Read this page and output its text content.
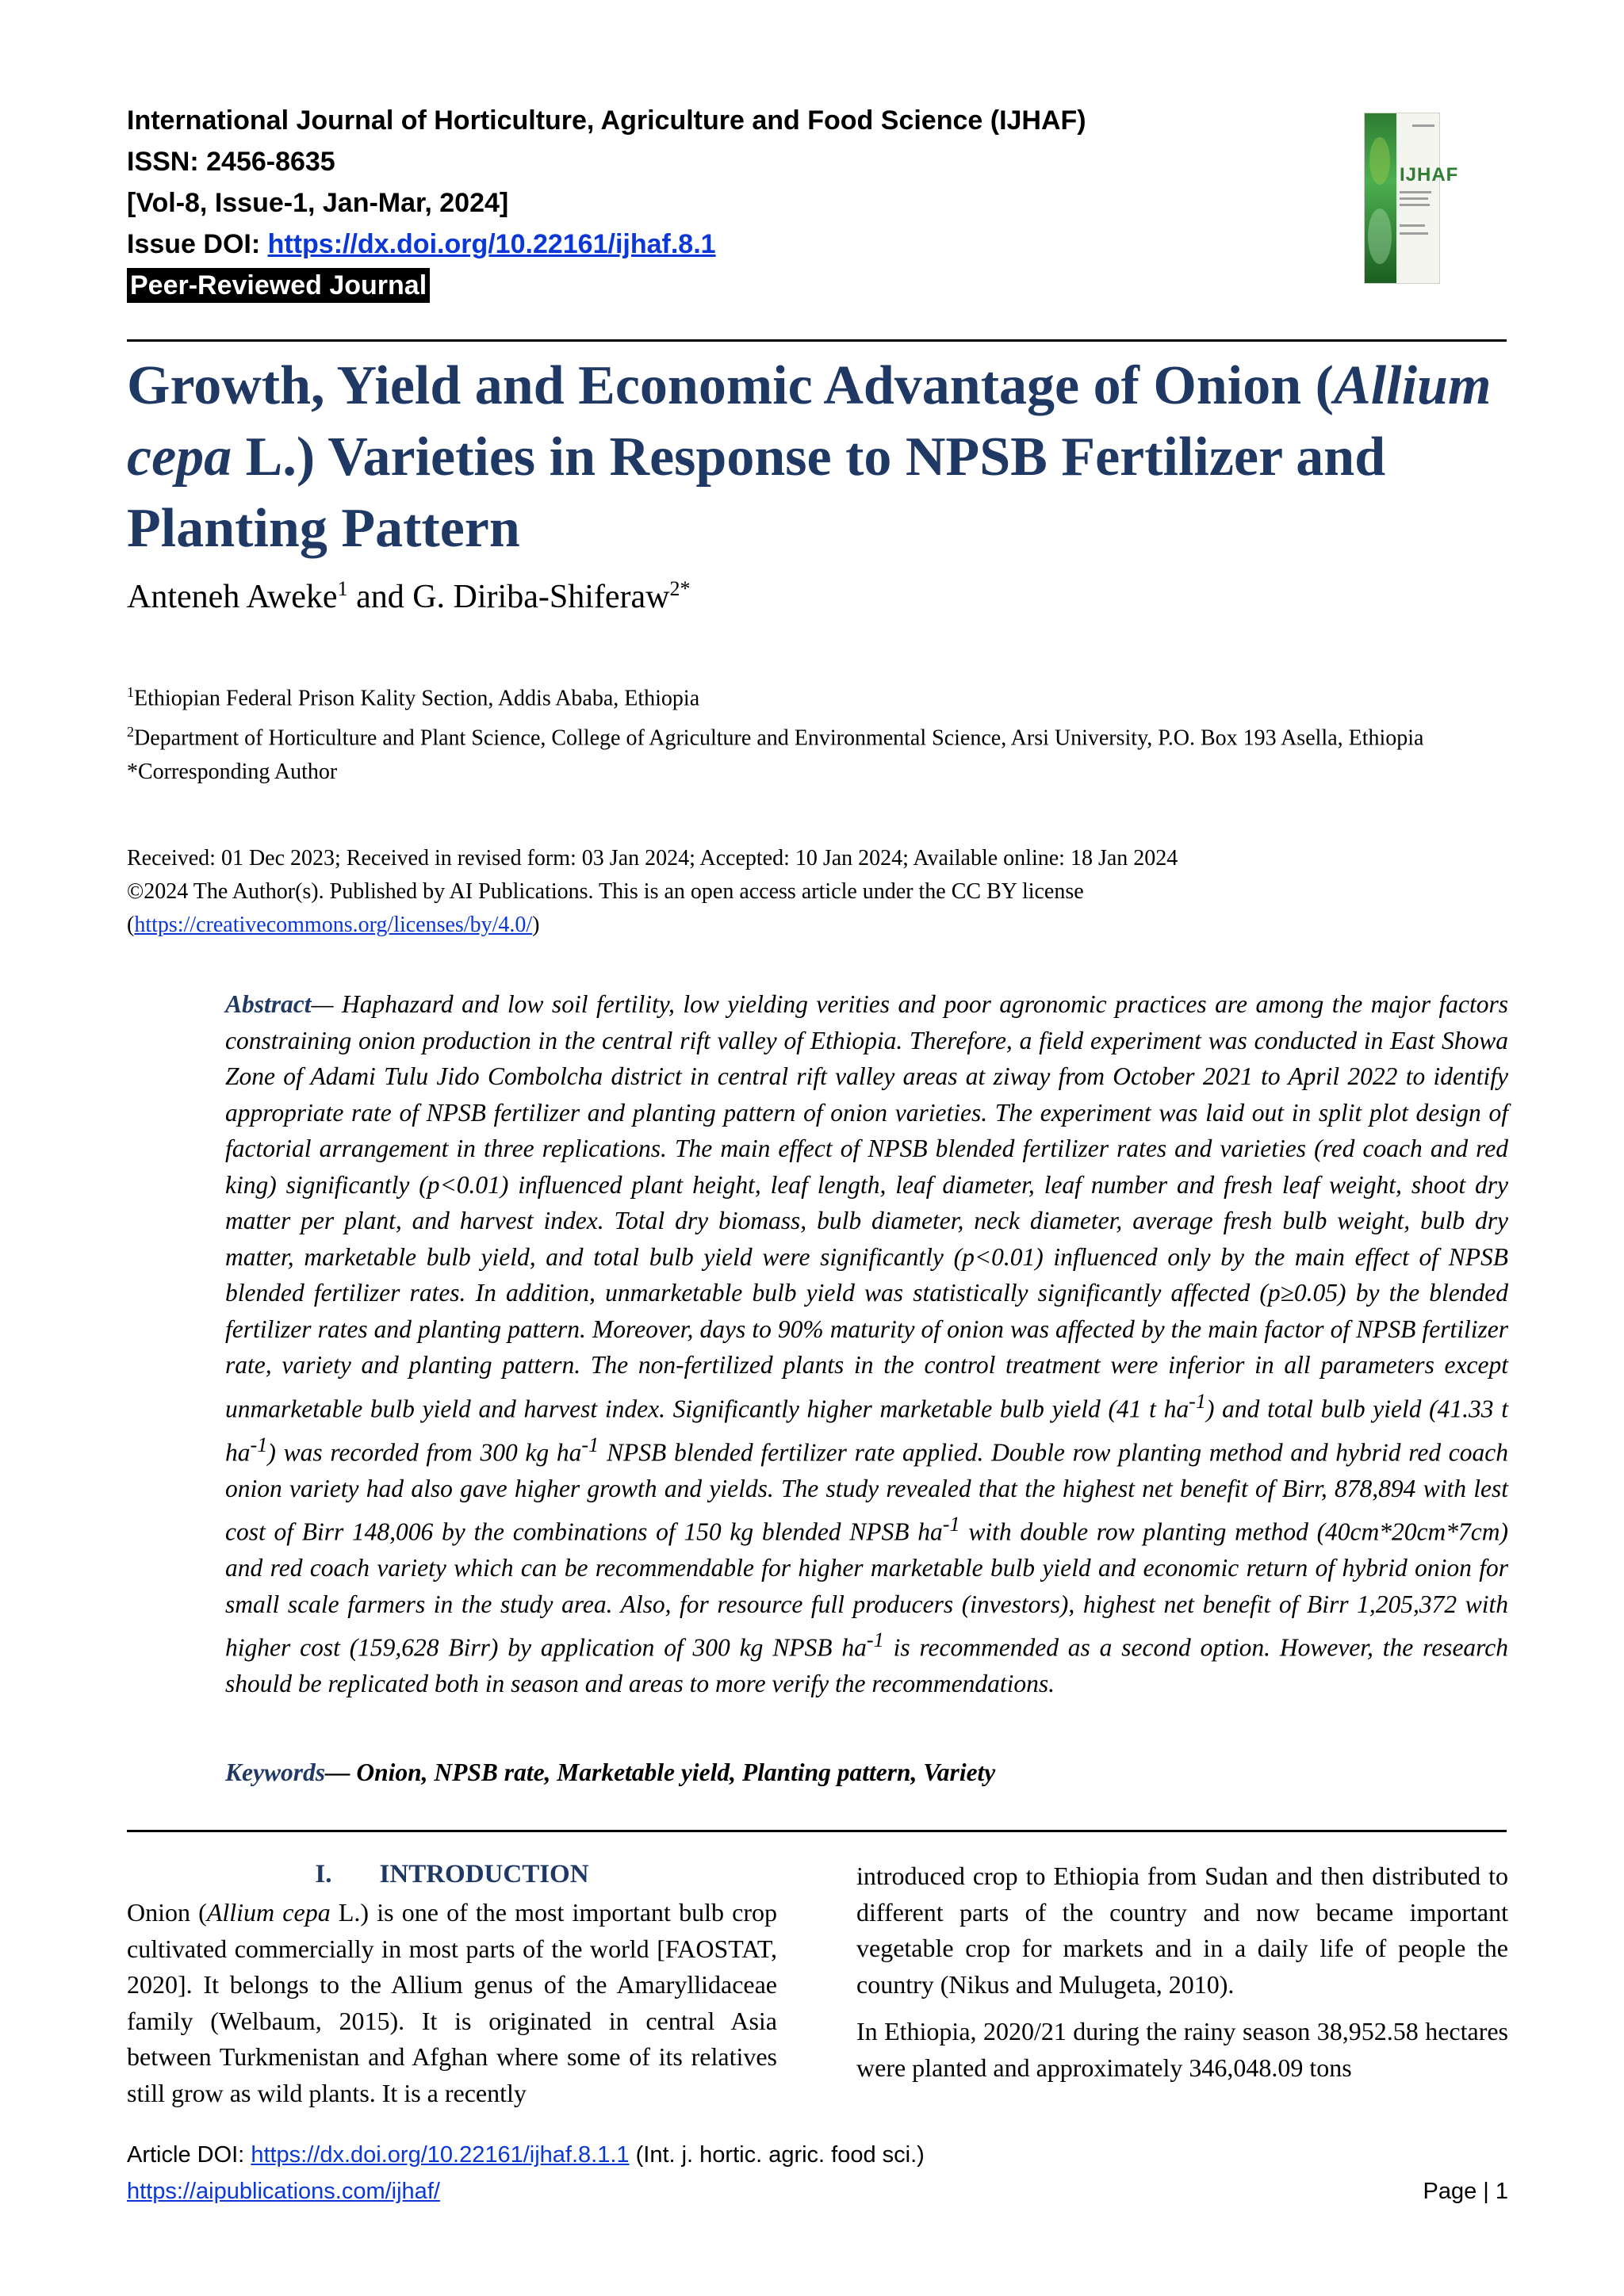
International Journal of Horticulture, Agriculture and Food Science (IJHAF)
ISSN: 2456-8635
[Vol-8, Issue-1, Jan-Mar, 2024]
Issue DOI: https://dx.doi.org/10.22161/ijhaf.8.1
Peer-Reviewed Journal
IJHAF
Growth, Yield and Economic Advantage of Onion (Allium cepa L.) Varieties in Response to NPSB Fertilizer and Planting Pattern
Anteneh Aweke$^1$ and G. Diriba-Shiferaw$^{2*}$
$^1$Ethiopian Federal Prison Kality Section, Addis Ababa, Ethiopia
$^2$Department of Horticulture and Plant Science, College of Agriculture and Environmental Science, Arsi University, P.O. Box 193 Asella, Ethiopia
*Corresponding Author
Received: 01 Dec 2023; Received in revised form: 03 Jan 2024; Accepted: 10 Jan 2024; Available online: 18 Jan 2024
©2024 The Author(s). Published by AI Publications. This is an open access article under the CC BY license
(https://creativecommons.org/licenses/by/4.0/)
Abstract— Haphazard and low soil fertility, low yielding verities and poor agronomic practices are among the major factors constraining onion production in the central rift valley of Ethiopia. Therefore, a field experiment was conducted in East Showa Zone of Adami Tulu Jido Combolcha district in central rift valley areas at ziway from October 2021 to April 2022 to identify appropriate rate of NPSB fertilizer and planting pattern of onion varieties. The experiment was laid out in split plot design of factorial arrangement in three replications. The main effect of NPSB blended fertilizer rates and varieties (red coach and red king) significantly (p<0.01) influenced plant height, leaf length, leaf diameter, leaf number and fresh leaf weight, shoot dry matter per plant, and harvest index. Total dry biomass, bulb diameter, neck diameter, average fresh bulb weight, bulb dry matter, marketable bulb yield, and total bulb yield were significantly (p<0.01) influenced only by the main effect of NPSB blended fertilizer rates. In addition, unmarketable bulb yield was statistically significantly affected (p≥0.05) by the blended fertilizer rates and planting pattern. Moreover, days to 90% maturity of onion was affected by the main factor of NPSB fertilizer rate, variety and planting pattern. The non-fertilized plants in the control treatment were inferior in all parameters except unmarketable bulb yield and harvest index. Significantly higher marketable bulb yield (41 t $ha^{-1}$) and total bulb yield (41.33 t $ha^{-1}$) was recorded from 300 kg $ha^{-1}$ NPSB blended fertilizer rate applied. Double row planting method and hybrid red coach onion variety had also gave higher growth and yields. The study revealed that the highest net benefit of Birr, 878,894 with lest cost of Birr 148,006 by the combinations of 150 kg blended NPSB $ha^{-1}$ with double row planting method (40cm*20cm*7cm) and red coach variety which can be recommendable for higher marketable bulb yield and economic return of hybrid onion for small scale farmers in the study area. Also, for resource full producers (investors), highest net benefit of Birr 1,205,372 with higher cost (159,628 Birr) by application of 300 kg NPSB $ha^{-1}$ is recommended as a second option. However, the research should be replicated both in season and areas to more verify the recommendations.
Keywords— Onion, NPSB rate, Marketable yield, Planting pattern, Variety
I. INTRODUCTION

Onion (Allium cepa L.) is one of the most important bulb crop cultivated commercially in most parts of the world [FAOSTAT, 2020]. It belongs to the Allium genus of the Amaryllidaceae family (Welbaum, 2015). It is originated in central Asia between Turkmenistan and Afghan where some of its relatives still grow as wild plants. It is a recently

introduced crop to Ethiopia from Sudan and then distributed to different parts of the country and now became important vegetable crop for markets and in a daily life of people the country (Nikus and Mulugeta, 2010).

In Ethiopia, 2020/21 during the rainy season 38,952.58 hectares were planted and approximately 346,048.09 tons

Article DOI: https://dx.doi.org/10.22161/ijhaf.8.1.1 (Int. j. hortic. agric. food sci.)
https://aipublications.com/ijhaf/	Page | 1
